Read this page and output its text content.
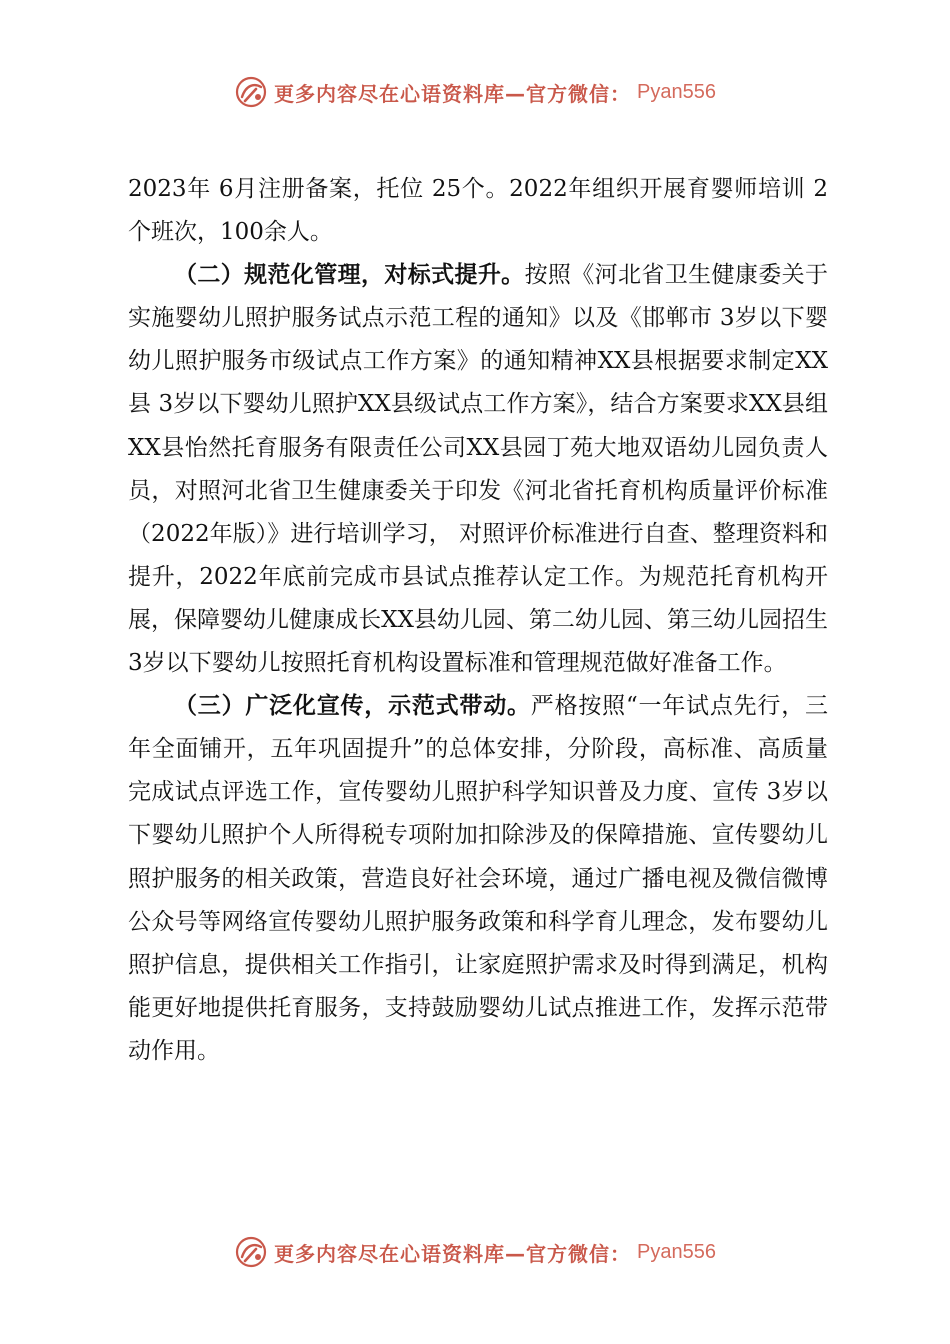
更多内容尽在心语资料库—官方微信： Pyan556

2023年 6月注册备案，托位 25个。2022年组织开展育婴师培训 2个班次，100余人。

（二）规范化管理，对标式提升。按照《河北省卫生健康委关于实施婴幼儿照护服务试点示范工程的通知》以及《邯郸市 3岁以下婴幼儿照护服务市级试点工作方案》的通知精神XX县根据要求制定XX县 3岁以下婴幼儿照护XX县级试点工作方案》，结合方案要求XX县组XX县怡然托育服务有限责任公司XX县园丁苑大地双语幼儿园负责人员，对照河北省卫生健康委关于印发《河北省托育机构质量评价标准（2022年版）》进行培训学习， 对照评价标准进行自查、整理资料和提升，2022年底前完成市县试点推荐认定工作。为规范托育机构开展，保障婴幼儿健康成长XX县幼儿园、第二幼儿园、第三幼儿园招生 3岁以下婴幼儿按照托育机构设置标准和管理规范做好准备工作。

（三）广泛化宣传，示范式带动。严格按照“一年试点先行，三年全面铺开，五年巩固提升”的总体安排，分阶段，高标准、高质量完成试点评选工作，宣传婴幼儿照护科学知识普及力度、宣传 3岁以下婴幼儿照护个人所得税专项附加扣除涉及的保障措施、宣传婴幼儿照护服务的相关政策，营造良好社会环境，通过广播电视及微信微博公众号等网络宣传婴幼儿照护服务政策和科学育儿理念，发布婴幼儿照护信息，提供相关工作指引，让家庭照护需求及时得到满足，机构能更好地提供托育服务，支持鼓励婴幼儿试点推进工作，发挥示范带动作用。

更多内容尽在心语资料库—官方微信： Pyan556
